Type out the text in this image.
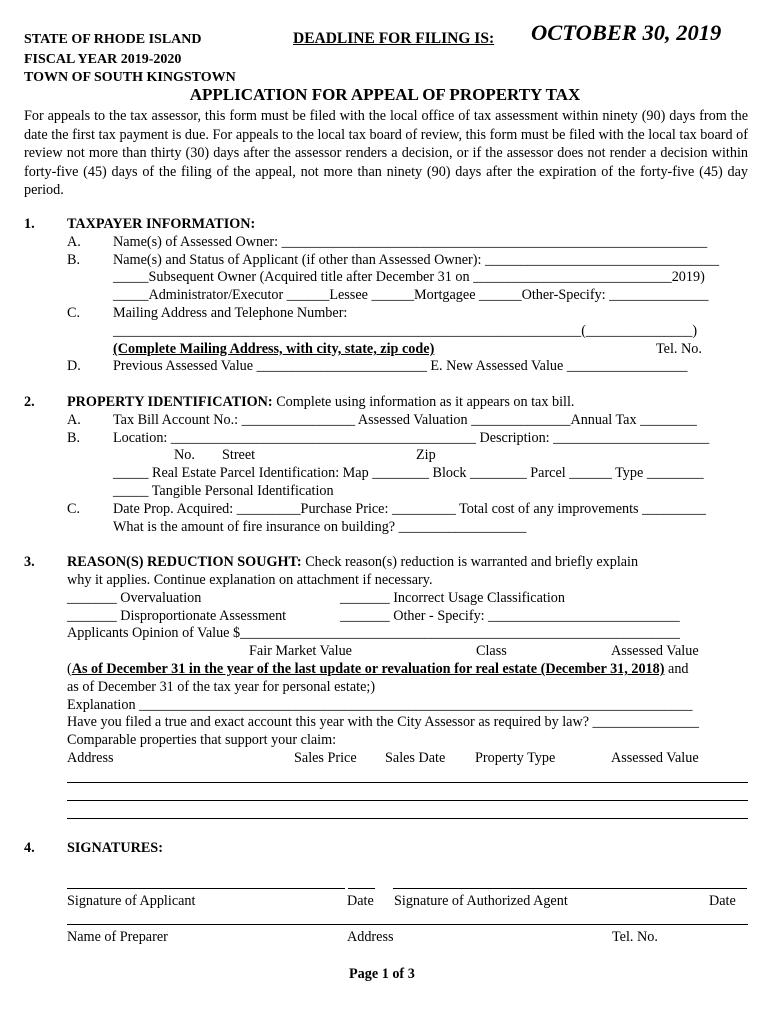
STATE OF RHODE ISLAND
FISCAL YEAR 2019-2020
TOWN OF SOUTH KINGSTOWN
DEADLINE FOR FILING IS: OCTOBER 30, 2019
APPLICATION FOR APPEAL OF PROPERTY TAX
For appeals to the tax assessor, this form must be filed with the local office of tax assessment within ninety (90) days from the date the first tax payment is due. For appeals to the local tax board of review, this form must be filed with the local tax board of review not more than thirty (30) days after the assessor renders a decision, or if the assessor does not render a decision within forty-five (45) days of the filing of the appeal, not more than ninety (90) days after the expiration of the forty-five (45) day period.
1. TAXPAYER INFORMATION:
A. Name(s) of Assessed Owner: ____________________________________________________________
B. Name(s) and Status of Applicant (if other than Assessed Owner): _________________________________
_____Subsequent Owner (Acquired title after December 31 on ____________________________2019)
_____Administrator/Executor ______Lessee ______Mortgagee ______Other-Specify: ______________
C. Mailing Address and Telephone Number:
__________________________________________________________________(_______________)
(Complete Mailing Address, with city, state, zip code)	Tel. No.
D. Previous Assessed Value ________________________ E. New Assessed Value _________________
2. PROPERTY IDENTIFICATION: Complete using information as it appears on tax bill.
A. Tax Bill Account No.: ________________ Assessed Valuation ______________Annual Tax ________
B. Location: ___________________________________________ Description: ______________________
No. Street	Zip
_____ Real Estate Parcel Identification: Map ________ Block ________ Parcel ______ Type ________
_____ Tangible Personal Identification
C. Date Prop. Acquired: _________Purchase Price: _________ Total cost of any improvements _________
What is the amount of fire insurance on building? __________________
3. REASON(S) REDUCTION SOUGHT: Check reason(s) reduction is warranted and briefly explain
why it applies. Continue explanation on attachment if necessary.
_______ Overvaluation	_______ Incorrect Usage Classification
_______ Disproportionate Assessment	_______ Other - Specify: ___________________________
Applicants Opinion of Value $______________________________________________________________
Fair Market Value	Class	Assessed Value
(As of December 31 in the year of the last update or revaluation for real estate (December 31, 2018) and
as of December 31 of the tax year for personal estate;)
Explanation ______________________________________________________________________________
Have you filed a true and exact account this year with the City Assessor as required by law? _______________
Comparable properties that support your claim:
Address	Sales Price Sales Date Property Type	Assessed Value
4. SIGNATURES:
Signature of Applicant	Date Signature of Authorized Agent	Date
Name of Preparer	Address	Tel. No.
Page 1 of 3
